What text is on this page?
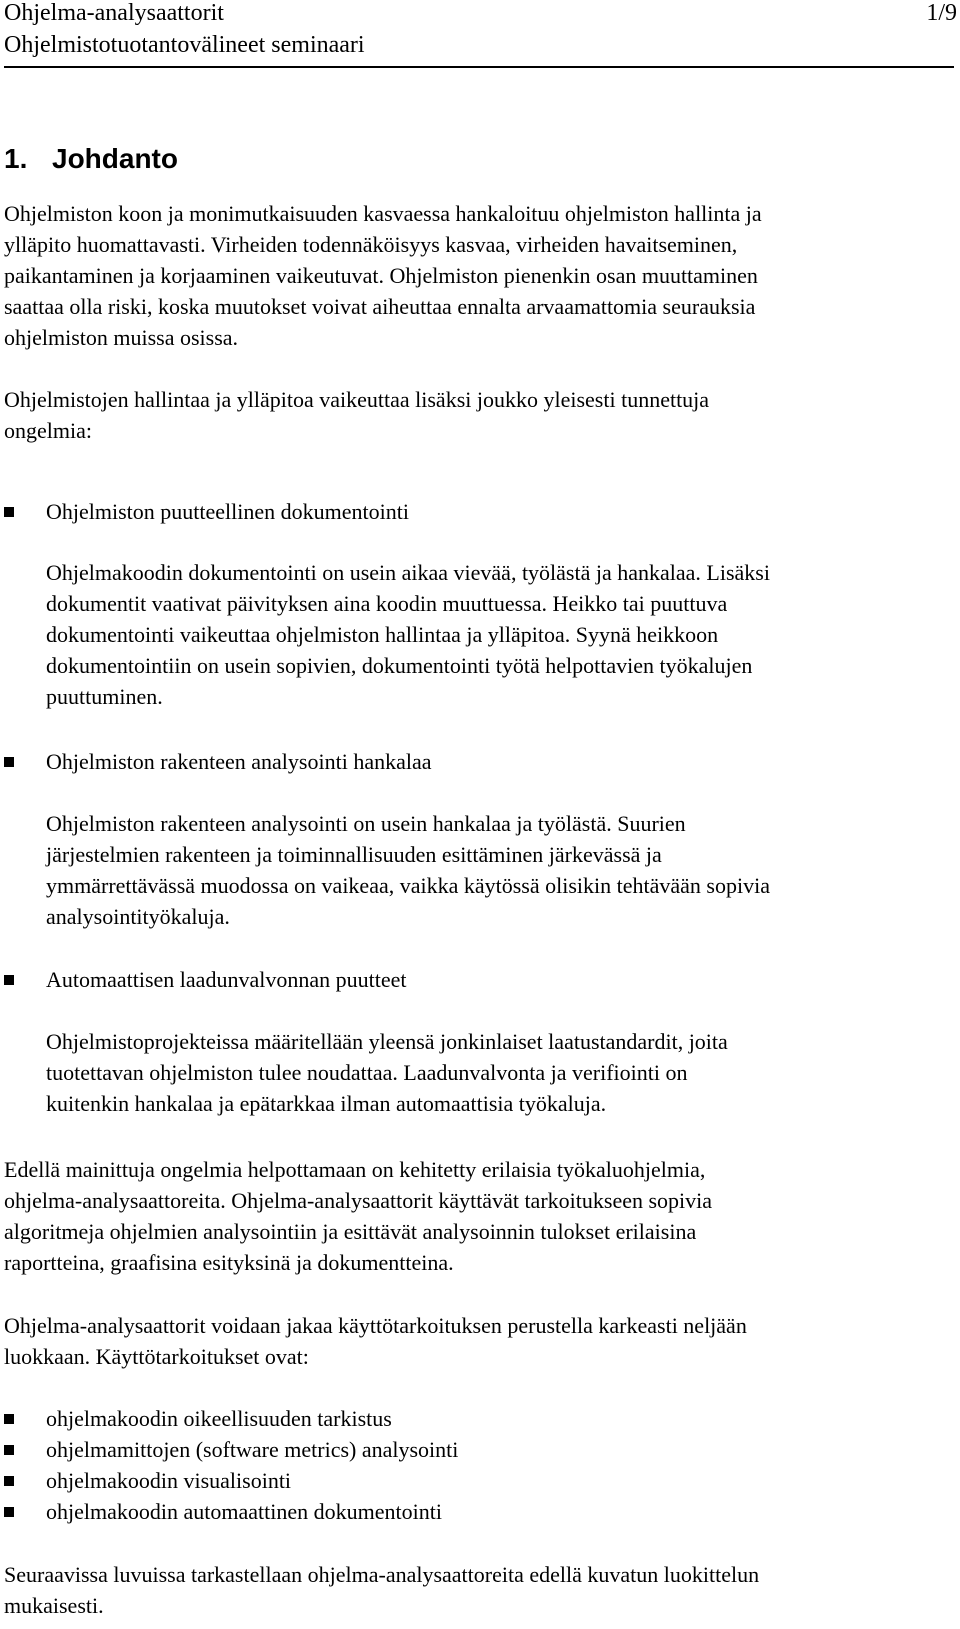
Ohjelma-analysaattorit
Ohjelmistotuotantovälineet seminaari
1/9
1. Johdanto
Ohjelmiston koon ja monimutkaisuuden kasvaessa hankaloituu ohjelmiston hallinta ja
ylläpito huomattavasti. Virheiden todennäköisyys kasvaa, virheiden havaitseminen,
paikantaminen ja korjaaminen vaikeutuvat. Ohjelmiston pienenkin osan muuttaminen
saattaa olla riski, koska muutokset voivat aiheuttaa ennalta arvaamattomia seurauksia
ohjelmiston muissa osissa.
Ohjelmistojen hallintaa ja ylläpitoa vaikeuttaa lisäksi joukko yleisesti tunnettuja
ongelmia:
Ohjelmiston puutteellinen dokumentointi
Ohjelmakoodin dokumentointi on usein aikaa vievää, työlästä ja hankalaa. Lisäksi
dokumentit vaativat päivityksen aina koodin muuttuessa. Heikko tai puuttuva
dokumentointi vaikeuttaa ohjelmiston hallintaa ja ylläpitoa. Syynä heikkoon
dokumentointiin on usein sopivien, dokumentointi työtä helpottavien työkalujen
puuttuminen.
Ohjelmiston rakenteen analysointi hankalaa
Ohjelmiston rakenteen analysointi on usein hankalaa ja työlästä. Suurien
järjestelmien rakenteen ja toiminnallisuuden esittäminen järkevässä ja
ymmärrettävässä muodossa on vaikeaa, vaikka käytössä olisikin tehtävään sopivia
analysointityökaluja.
Automaattisen laadunvalvonnan puutteet
Ohjelmistoprojekteissa määritellään yleensä jonkinlaiset laatustandardit, joita
tuotettavan ohjelmiston tulee noudattaa. Laadunvalvonta ja verifiointi on
kuitenkin hankalaa ja epätarkkaa ilman automaattisia työkaluja.
Edellä mainittuja ongelmia helpottamaan on kehitetty erilaisia työkaluohjelmia,
ohjelma-analysaattoreita. Ohjelma-analysaattorit käyttävät tarkoitukseen sopivia
algoritmeja ohjelmien analysointiin ja esittävät analysoinnin tulokset erilaisina
raportteina, graafisina esityksinä ja dokumentteina.
Ohjelma-analysaattorit voidaan jakaa käyttötarkoituksen perustella karkeasti neljään
luokkaan. Käyttötarkoitukset ovat:
ohjelmakoodin oikeellisuuden tarkistus
ohjelmamittojen (software metrics) analysointi
ohjelmakoodin visualisointi
ohjelmakoodin automaattinen dokumentointi
Seuraavissa luvuissa tarkastellaan ohjelma-analysaattoreita edellä kuvatun luokittelun
mukaisesti.
